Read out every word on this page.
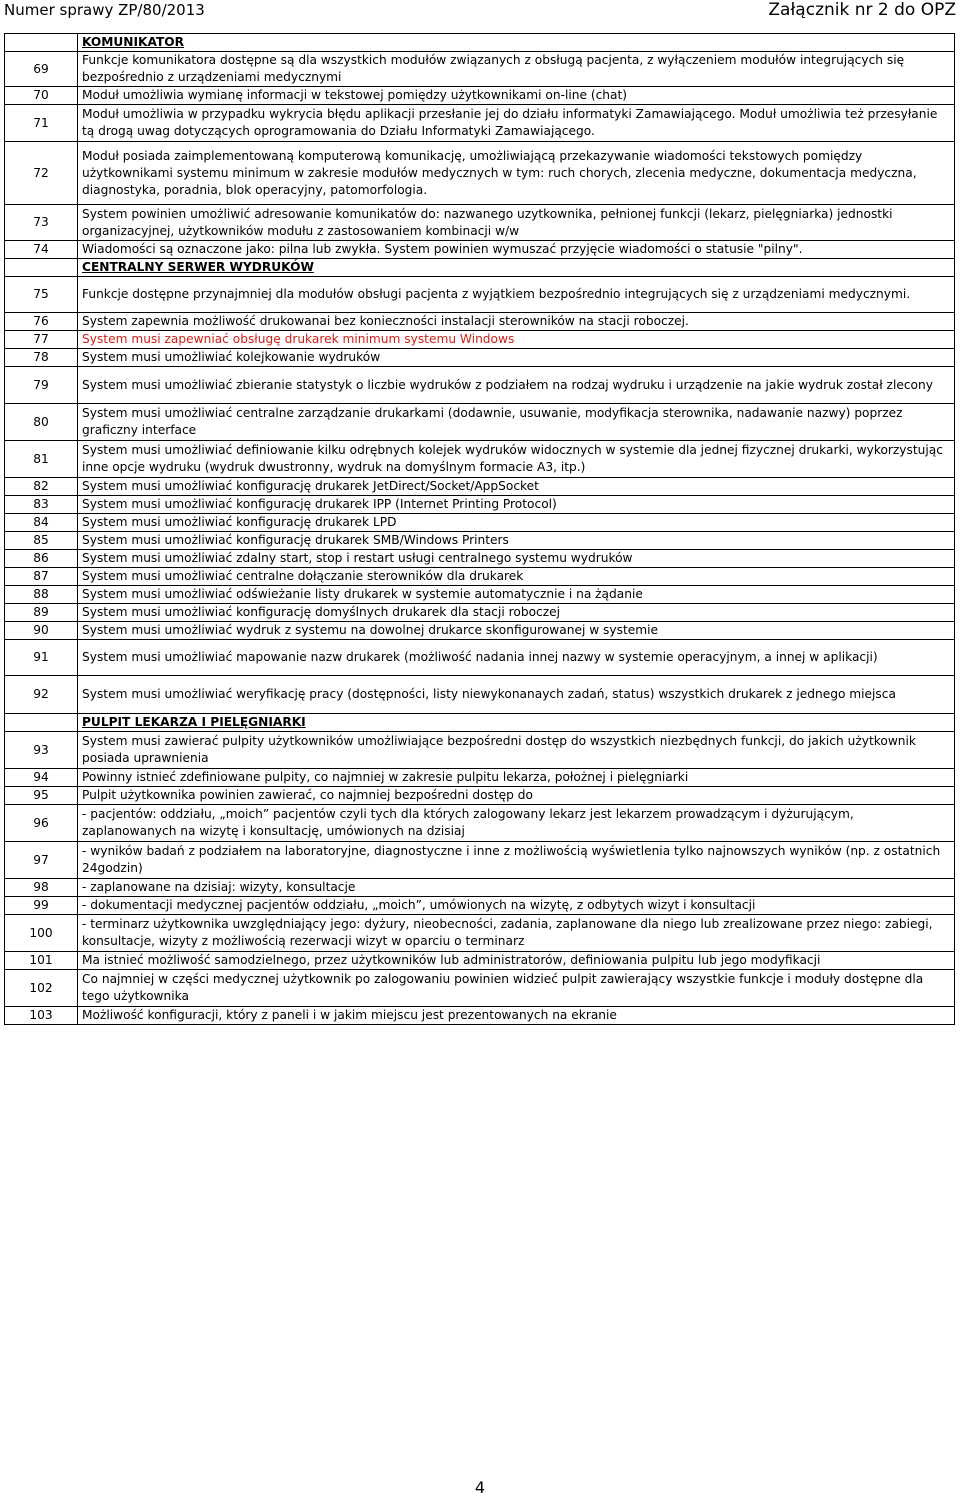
Numer sprawy ZP/80/2013	Załącznik nr 2 do OPZ
	KOMUNIKATOR
69	Funkcje komunikatora dostępne są dla wszystkich modułów związanych z obsługą pacjenta, z wyłączeniem modułów integrujących się bezpośrednio z urządzeniami medycznymi
70	Moduł umożliwia wymianę informacji w tekstowej pomiędzy użytkownikami on-line (chat)
71	Moduł umożliwia w przypadku wykrycia błędu aplikacji przesłanie jej do działu informatyki Zamawiającego. Moduł umożliwia też przesyłanie tą drogą uwag dotyczących oprogramowania do Działu Informatyki Zamawiającego.
72	Moduł posiada zaimplementowaną komputerową komunikację, umożliwiającą przekazywanie wiadomości tekstowych pomiędzy użytkownikami systemu minimum w zakresie modułów medycznych w tym: ruch chorych, zlecenia medyczne, dokumentacja medyczna, diagnostyka, poradnia, blok operacyjny, patomorfologia.
73	System powinien umożliwić adresowanie komunikatów do: nazwanego uzytkownika, pełnionej funkcji (lekarz, pielęgniarka) jednostki organizacyjnej, użytkowników modułu z zastosowaniem kombinacji w/w
74	Wiadomości są oznaczone jako: pilna lub zwykła. System powinien wymuszać przyjęcie wiadomości o statusie "pilny".
	CENTRALNY SERWER WYDRUKÓW
75	Funkcje dostępne przynajmniej dla modułów obsługi pacjenta z wyjątkiem bezpośrednio integrujących się z urządzeniami medycznymi.
76	System zapewnia możliwość drukowanai bez konieczności instalacji sterowników na stacji roboczej.
77	System musi zapewniać obsługę drukarek minimum systemu Windows
78	System musi umożliwiać kolejkowanie wydruków
79	System musi umożliwiać zbieranie statystyk o liczbie wydruków z podziałem na rodzaj wydruku i urządzenie na jakie wydruk został zlecony
80	System musi umożliwiać centralne zarządzanie drukarkami (dodawnie, usuwanie, modyfikacja sterownika, nadawanie nazwy) poprzez graficzny interface
81	System musi umożliwiać definiowanie kilku odrębnych kolejek wydruków widocznych w systemie dla jednej fizycznej drukarki, wykorzystując inne opcje wydruku (wydruk dwustronny, wydruk na domyślnym formacie A3, itp.)
82	System musi umożliwiać konfigurację drukarek JetDirect/Socket/AppSocket
83	System musi umożliwiać konfigurację drukarek IPP (Internet Printing Protocol)
84	System musi umożliwiać konfigurację drukarek LPD
85	System musi umożliwiać konfigurację drukarek SMB/Windows Printers
86	System musi umożliwiać zdalny start, stop i restart usługi centralnego systemu wydruków
87	System musi umożliwiać centralne dołączanie sterowników dla drukarek
88	System musi umożliwiać odświeżanie listy drukarek w systemie automatycznie i na żądanie
89	System musi umożliwiać konfigurację domyślnych drukarek dla stacji roboczej
90	System musi umożliwiać wydruk z systemu na dowolnej drukarce skonfigurowanej w systemie
91	System musi umożliwiać mapowanie nazw drukarek (możliwość nadania innej nazwy w systemie operacyjnym, a innej w aplikacji)
92	System musi umożliwiać weryfikację pracy (dostępności, listy niewykonanaych zadań, status) wszystkich drukarek z jednego miejsca
	PULPIT LEKARZA I PIELĘGNIARKI
93	System musi zawierać pulpity użytkowników umożliwiające bezpośredni dostęp do wszystkich niezbędnych funkcji, do jakich użytkownik posiada uprawnienia
94	Powinny istnieć zdefiniowane pulpity, co najmniej w zakresie pulpitu lekarza, położnej i pielęgniarki
95	Pulpit użytkownika powinien zawierać, co najmniej bezpośredni dostęp do
96	- pacjentów: oddziału, „moich” pacjentów czyli tych dla których zalogowany lekarz jest lekarzem prowadzącym i dyżurującym, zaplanowanych na wizytę i konsultację, umówionych na dzisiaj
97	- wyników badań z podziałem na laboratoryjne, diagnostyczne i inne z możliwością wyświetlenia tylko najnowszych wyników (np. z ostatnich 24godzin)
98	- zaplanowane na dzisiaj: wizyty, konsultacje
99	- dokumentacji medycznej pacjentów oddziału, „moich”, umówionych na wizytę, z odbytych wizyt i konsultacji
100	- terminarz użytkownika uwzględniający jego: dyżury, nieobecności, zadania, zaplanowane dla niego lub zrealizowane przez niego: zabiegi, konsultacje, wizyty z możliwością rezerwacji wizyt w oparciu o terminarz
101	Ma istnieć możliwość samodzielnego, przez użytkowników lub administratorów, definiowania pulpitu lub jego modyfikacji
102	Co najmniej w części medycznej użytkownik po zalogowaniu powinien widzieć pulpit zawierający wszystkie funkcje i moduły dostępne dla tego użytkownika
103	Możliwość konfiguracji, który z paneli i w jakim miejscu jest prezentowanych na ekranie
4
